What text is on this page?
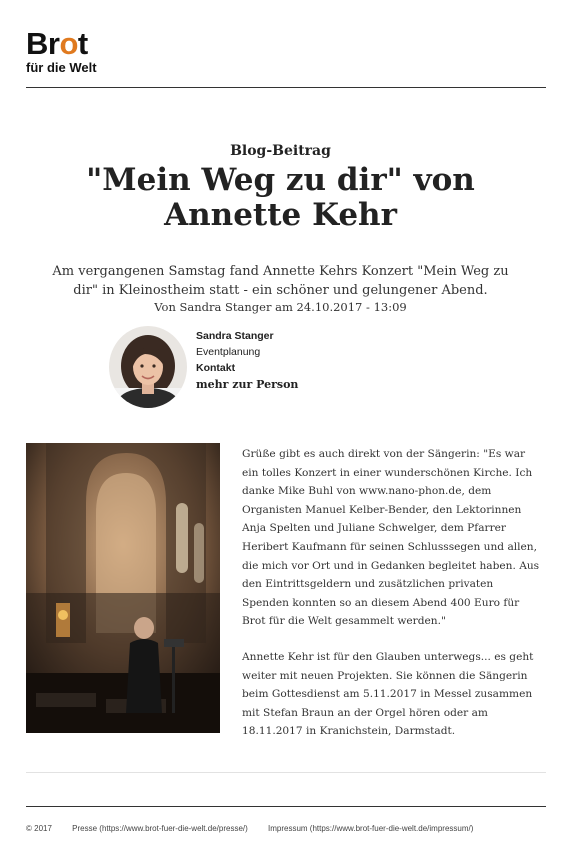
Brot
für die Welt
Blog-Beitrag
"Mein Weg zu dir" von Annette Kehr
Am vergangenen Samstag fand Annette Kehrs Konzert "Mein Weg zu dir" in Kleinostheim statt - ein schöner und gelungener Abend.
Von Sandra Stanger am 24.10.2017 - 13:09
Sandra Stanger
Eventplanung
Kontakt
mehr zur Person

Grüße gibt es auch direkt von der Sängerin: "Es war ein tolles Konzert in einer wunderschönen Kirche. Ich danke Mike Buhl von www.nano-phon.de, dem Organisten Manuel Kelber-Bender, den Lektorinnen Anja Spelten und Juliane Schwelger, dem Pfarrer Heribert Kaufmann für seinen Schlusssegen und allen, die mich vor Ort und in Gedanken begleitet haben. Aus den Eintrittsgeldern und zusätzlichen privaten Spenden konnten so an diesem Abend 400 Euro für Brot für die Welt gesammelt werden."

Annette Kehr ist für den Glauben unterwegs... es geht weiter mit neuen Projekten. Sie können die Sängerin beim Gottesdienst am 5.11.2017 in Messel zusammen mit Stefan Braun an der Orgel hören oder am 18.11.2017 in Kranichstein, Darmstadt.

© 2017	Presse (https://www.brot-fuer-die-welt.de/presse/)	Impressum (https://www.brot-fuer-die-welt.de/impressum/)
